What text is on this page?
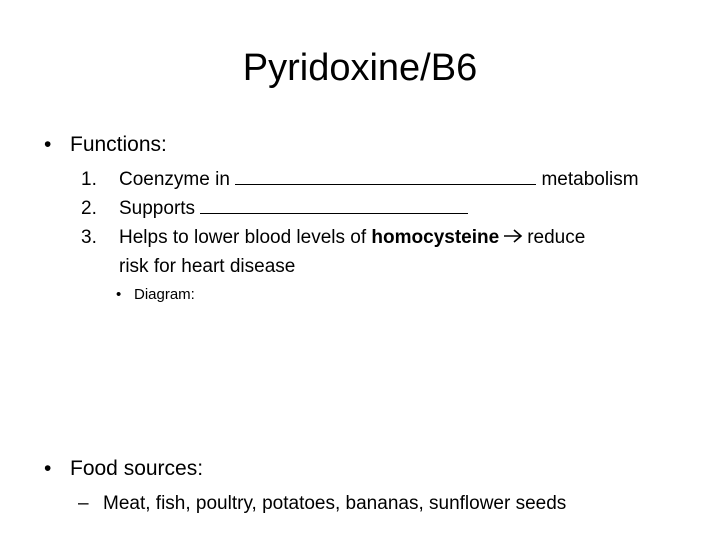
Pyridoxine/B6
• Functions:
1. Coenzyme in	metabolism
2. Supports
3. Helps to lower blood levels of homocysteine reduce
risk for heart disease
• Diagram:
• Food sources:
– Meat, fish, poultry, potatoes, bananas, sunflower seeds
